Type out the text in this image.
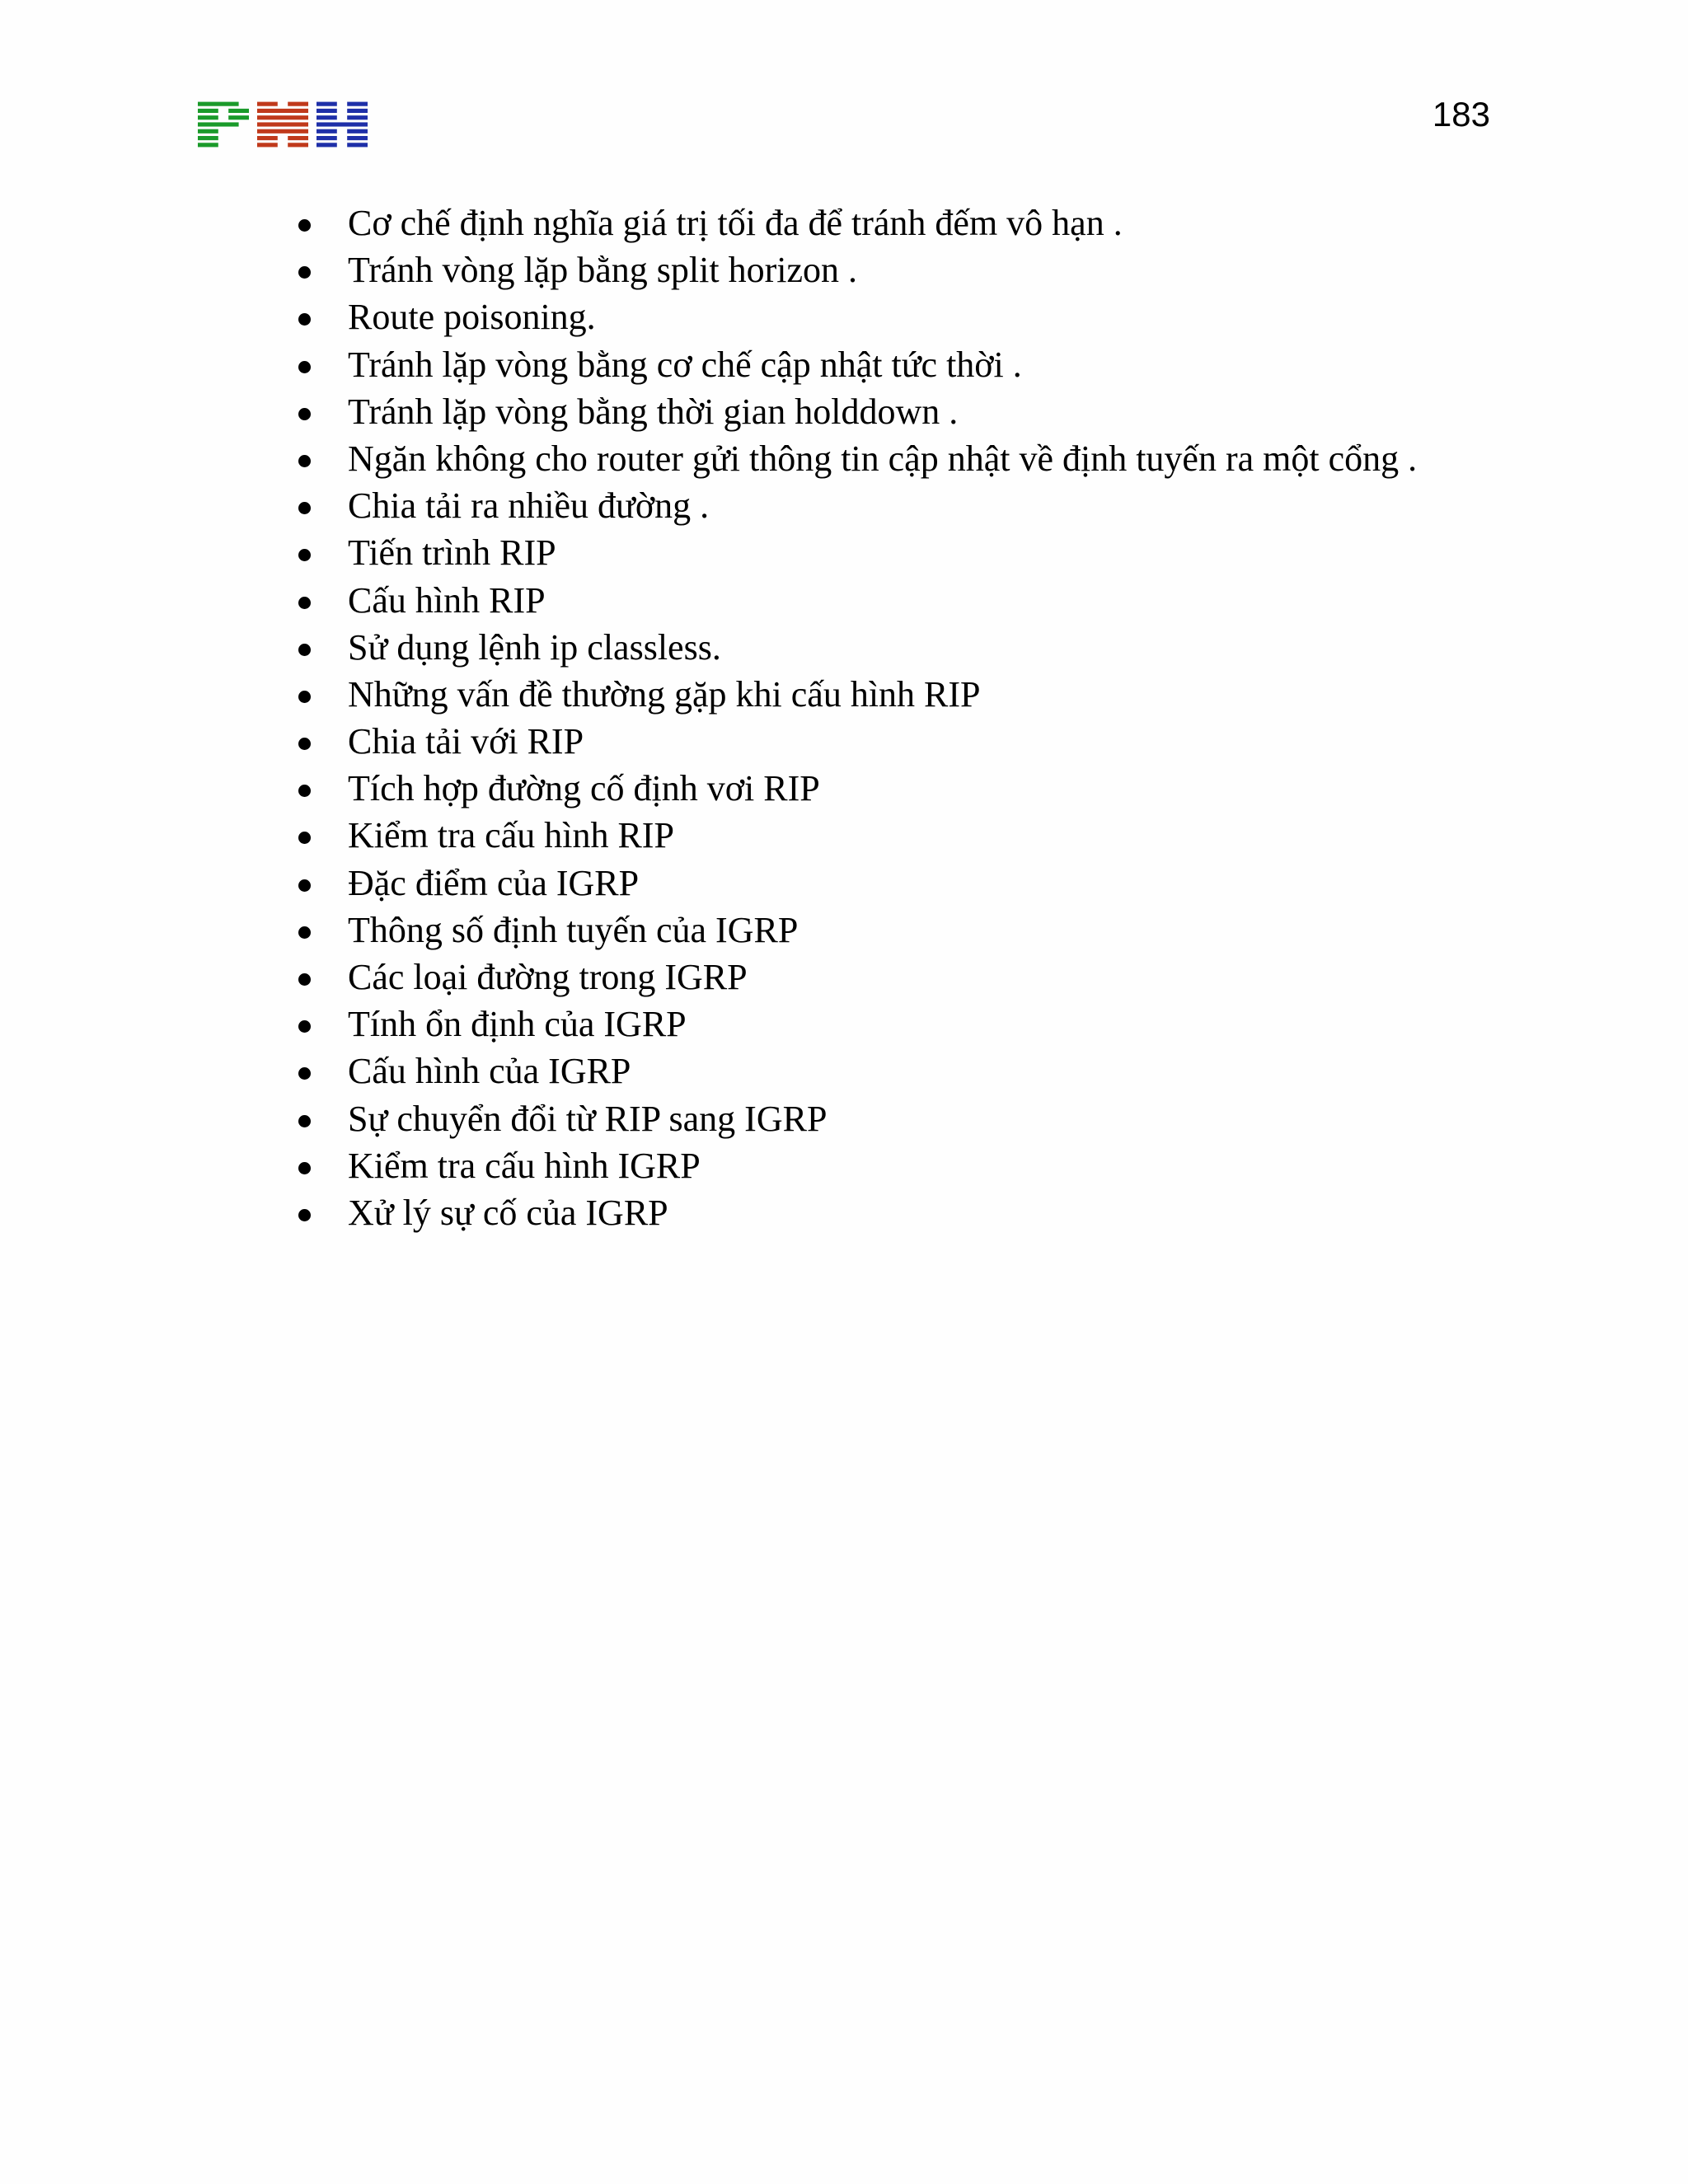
183
Cơ chế định nghĩa giá trị tối đa để tránh đếm vô hạn .
Tránh vòng lặp bằng split horizon .
Route poisoning.
Tránh lặp vòng bằng cơ chế cập nhật tức thời .
Tránh lặp vòng bằng thời gian holddown .
Ngăn không cho router gửi thông tin cập nhật về định tuyến ra một cổng .
Chia tải ra nhiều đường .
Tiến trình RIP
Cấu hình RIP
Sử dụng lệnh ip classless.
Những vấn đề thường gặp khi cấu hình RIP
Chia tải với RIP
Tích hợp đường cố định vơi RIP
Kiểm tra cấu hình RIP
Đặc điểm của IGRP
Thông số định tuyến của IGRP
Các loại đường trong IGRP
Tính ổn định của IGRP
Cấu hình của IGRP
Sự chuyển đổi từ RIP sang IGRP
Kiểm tra cấu hình IGRP
Xử lý sự cố của IGRP
